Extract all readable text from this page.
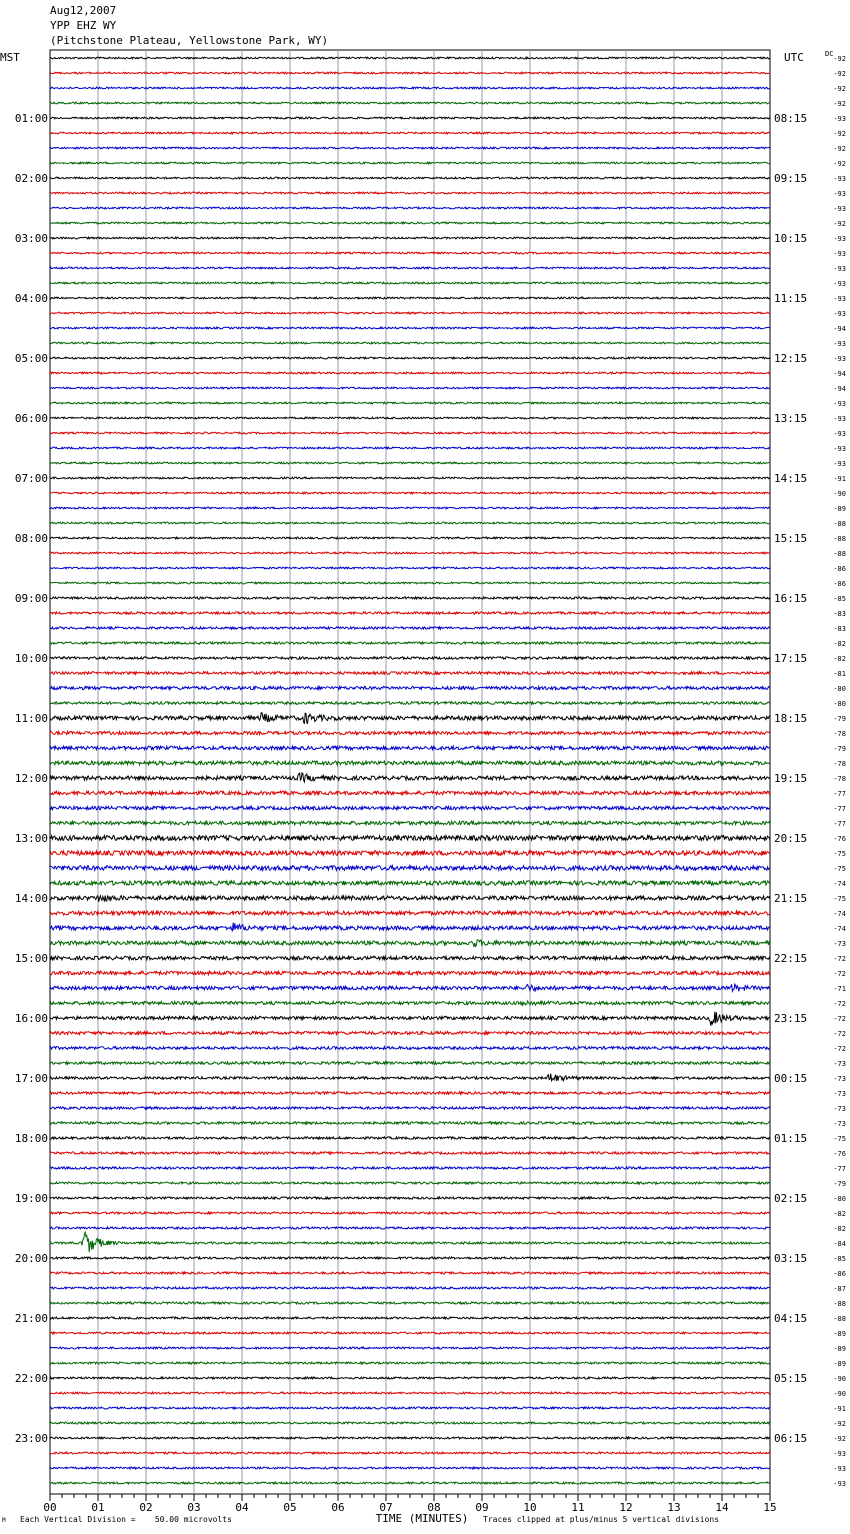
Aug12,2007
YPP EHZ WY
(Pitchstone Plateau, Yellowstone Park, WY)
Each Vertical Division =    50.00 microvolts
M	Traces clipped at plus/minus 5 vertical divisions
00	01	02	03	04	05	06	07	08	09	10	11	12	13	14	15
TIME (MINUTES)
MST	UTC	DC
01:00
02:00
03:00
04:00
05:00
06:00
07:00
08:00
09:00
10:00
11:00
12:00
13:00
14:00
15:00
16:00
17:00
18:00
19:00
20:00
21:00
22:00
23:00
08:15
09:15
10:15
11:15
12:15
13:15
14:15
15:15
16:15
17:15
18:15
19:15
20:15
21:15
22:15
23:15
00:15
01:15
02:15
03:15
04:15
05:15
06:15
-92
-92
-92
-92
-93
-92
-92
-92
-93
-93
-93
-92
-93
-93
-93
-93
-93
-93
-94
-93
-93
-94
-94
-93
-93
-93
-93
-93
-91
-90
-89
-88
-88
-88
-86
-86
-85
-83
-83
-82
-82
-81
-80
-80
-79
-78
-79
-78
-78
-77
-77
-77
-76
-75
-75
-74
-75
-74
-74
-73
-72
-72
-71
-72
-72
-72
-72
-73
-73
-73
-73
-73
-75
-76
-77
-79
-80
-82
-82
-84
-85
-86
-87
-88
-88
-89
-89
-89
-90
-90
-91
-92
-92
-93
-93
-93
